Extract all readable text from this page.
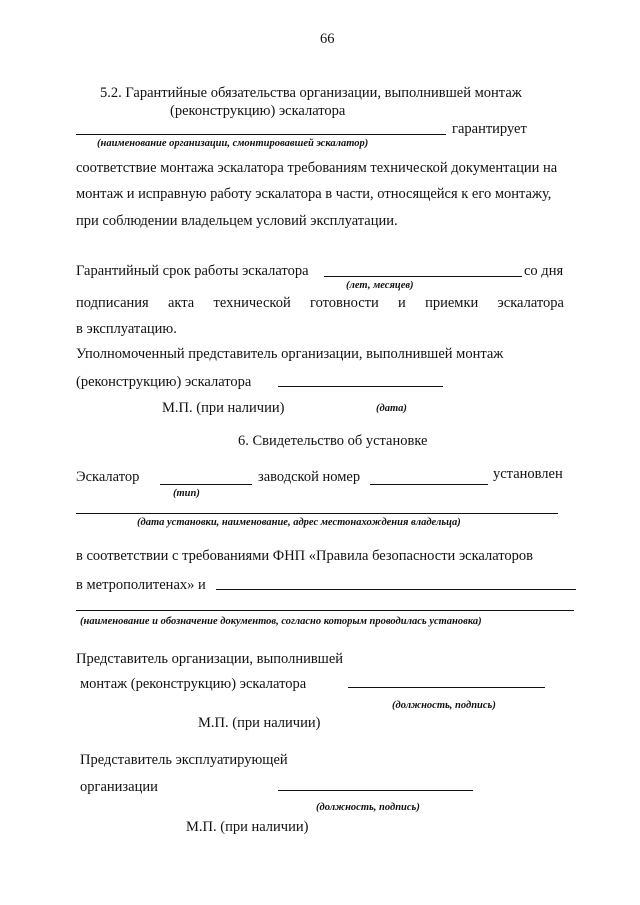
66
5.2. Гарантийные обязательства организации, выполнившей монтаж
(реконструкцию) эскалатора
гарантирует
(наименование организации, смонтировавшей эскалатор)
соответствие монтажа эскалатора требованиям технической документации на
монтаж и исправную работу эскалатора в части, относящейся к его монтажу,
при соблюдении владельцем условий эксплуатации.
Гарантийный срок работы эскалатора	со дня
(лет, месяцев)
подписания акта технической готовности и приемки эскалатора
в эксплуатацию.
Уполномоченный представитель организации, выполнившей монтаж
(реконструкцию) эскалатора
М.П. (при наличии)	(дата)
6. Свидетельство об установке
Эскалатор	заводской номер	установлен
(тип)
(дата установки, наименование, адрес местонахождения владельца)
в соответствии с требованиями ФНП «Правила безопасности эскалаторов
в метрополитенах» и
(наименование и обозначение документов, согласно которым проводилась установка)
Представитель организации, выполнившей
монтаж (реконструкцию) эскалатора
(должность, подпись)
М.П. (при наличии)
Представитель эксплуатирующей
организации
(должность, подпись)
М.П. (при наличии)
